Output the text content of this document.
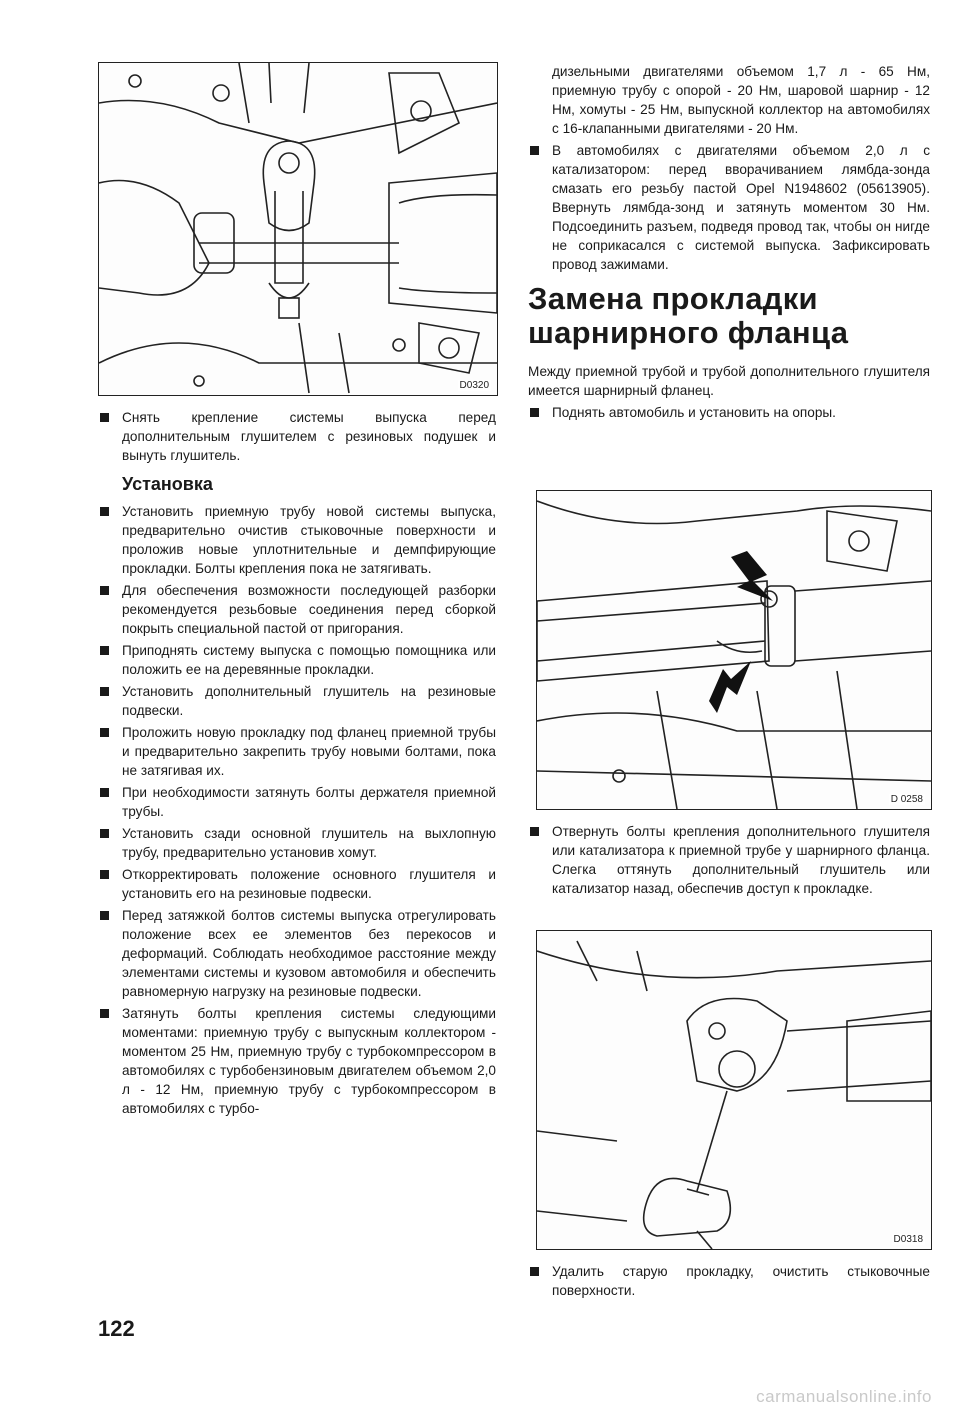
D0320

Снять крепление системы выпуска перед дополнительным глушителем с резиновых подушек и вынуть глушитель.

Установка

Установить приемную трубу новой системы выпуска, предварительно очистив стыковочные поверхности и проложив новые уплотнительные и демпфирующие прокладки. Болты крепления пока не затягивать.

Для обеспечения возможности последующей разборки рекомендуется резьбовые соединения перед сборкой покрыть специальной пастой от пригорания.

Приподнять систему выпуска с помощью помощника или положить ее на деревянные прокладки.

Установить дополнительный глушитель на резиновые подвески.

Проложить новую прокладку под фланец приемной трубы и предварительно закрепить трубу новыми болтами, пока не затягивая их.

При необходимости затянуть болты держателя приемной трубы.

Установить сзади основной глушитель на выхлопную трубу, предварительно установив хомут.

Откорректировать положение основного глушителя и установить его на резиновые подвески.

Перед затяжкой болтов системы выпуска отрегулировать положение всех ее элементов без перекосов и деформаций. Соблюдать необходимое расстояние между элементами системы и кузовом автомобиля и обеспечить равномерную нагрузку на резиновые подвески.

Затянуть болты крепления системы следующими моментами: приемную трубу с выпускным коллектором - моментом 25 Нм, приемную трубу с турбокомпрессором в автомобилях с турбобензиновым двигателем объемом 2,0 л - 12 Нм, приемную трубу с турбокомпрессором в автомобилях с турбо-

дизельными двигателями объемом 1,7 л - 65 Нм, приемную трубу с опорой - 20 Нм, шаровой шарнир - 12 Нм, хомуты - 25 Нм, выпускной коллектор на автомобилях с 16-клапанными двигателями - 20 Нм.

В автомобилях с двигателями объемом 2,0 л с катализатором: перед вворачиванием лямбда-зонда смазать его резьбу пастой Opel N1948602 (05613905). Ввернуть лямбда-зонд и затянуть моментом 30 Нм. Подсоединить разъем, подведя провод так, чтобы он нигде не соприкасался с системой выпуска. Зафиксировать провод зажимами.

Замена прокладки
шарнирного фланца

Между приемной трубой и трубой дополнительного глушителя имеется шарнирный фланец.

Поднять автомобиль и установить на опоры.

D 0258

Отвернуть болты крепления дополнительного глушителя или катализатора к приемной трубе у шарнирного фланца. Слегка оттянуть дополнительный глушитель или катализатор назад, обеспечив доступ к прокладке.

D0318

Удалить старую прокладку, очистить стыковочные поверхности.

122
carmanualsonline.info
